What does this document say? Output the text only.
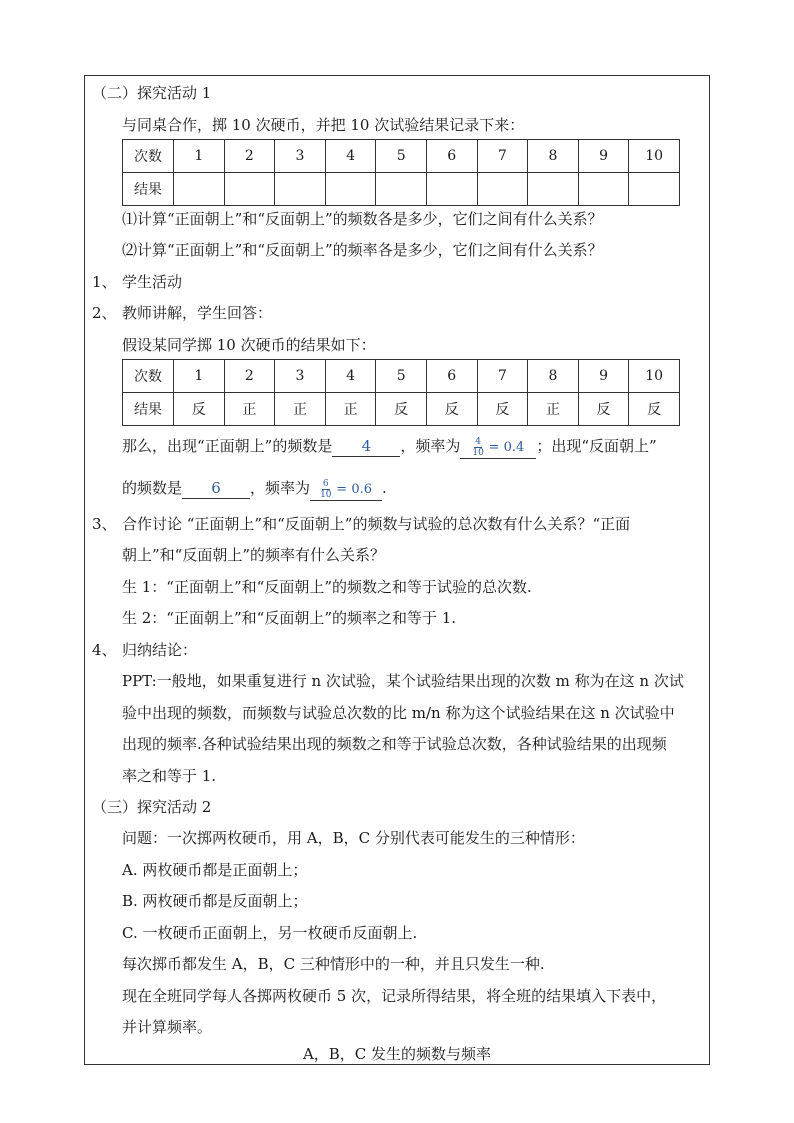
（二）探究活动 1
与同桌合作，掷 10 次硬币，并把 10 次试验结果记录下来：
次数	1	2	3	4	5	6	7	8	9	10
结果										
⑴计算“正面朝上”和“反面朝上”的频数各是多少，它们之间有什么关系？
⑵计算“正面朝上”和“反面朝上”的频率各是多少，它们之间有什么关系？
1、 学生活动
2、 教师讲解，学生回答：
假设某同学掷 10 次硬币的结果如下：
次数	1	2	3	4	5	6	7	8	9	10
结果	反	正	正	正	反	反	反	正	反	反
那么，出现“正面朝上”的频数是 4 ，频率为 $\frac{4}{10} = 0.4$ ；出现“反面朝上”
的频数是 6 ，频率为 $\frac{6}{10} = 0.6$ .
3、 合作讨论 “正面朝上”和“反面朝上”的频数与试验的总次数有什么关系？“正面
朝上”和“反面朝上”的频率有什么关系？
生 1：“正面朝上”和“反面朝上”的频数之和等于试验的总次数.
生 2：“正面朝上”和“反面朝上”的频率之和等于 1.
4、 归纳结论：
PPT:一般地，如果重复进行 n 次试验，某个试验结果出现的次数 m 称为在这 n 次试
验中出现的频数，而频数与试验总次数的比 m/n 称为这个试验结果在这 n 次试验中
出现的频率.各种试验结果出现的频数之和等于试验总次数，各种试验结果的出现频
率之和等于 1.
（三）探究活动 2
问题：一次掷两枚硬币，用 A，B，C 分别代表可能发生的三种情形：
A. 两枚硬币都是正面朝上；
B. 两枚硬币都是反面朝上；
C. 一枚硬币正面朝上，另一枚硬币反面朝上.
每次掷币都发生 A，B，C 三种情形中的一种，并且只发生一种.
现在全班同学每人各掷两枚硬币 5 次，记录所得结果，将全班的结果填入下表中，
并计算频率。
A，B，C 发生的频数与频率
